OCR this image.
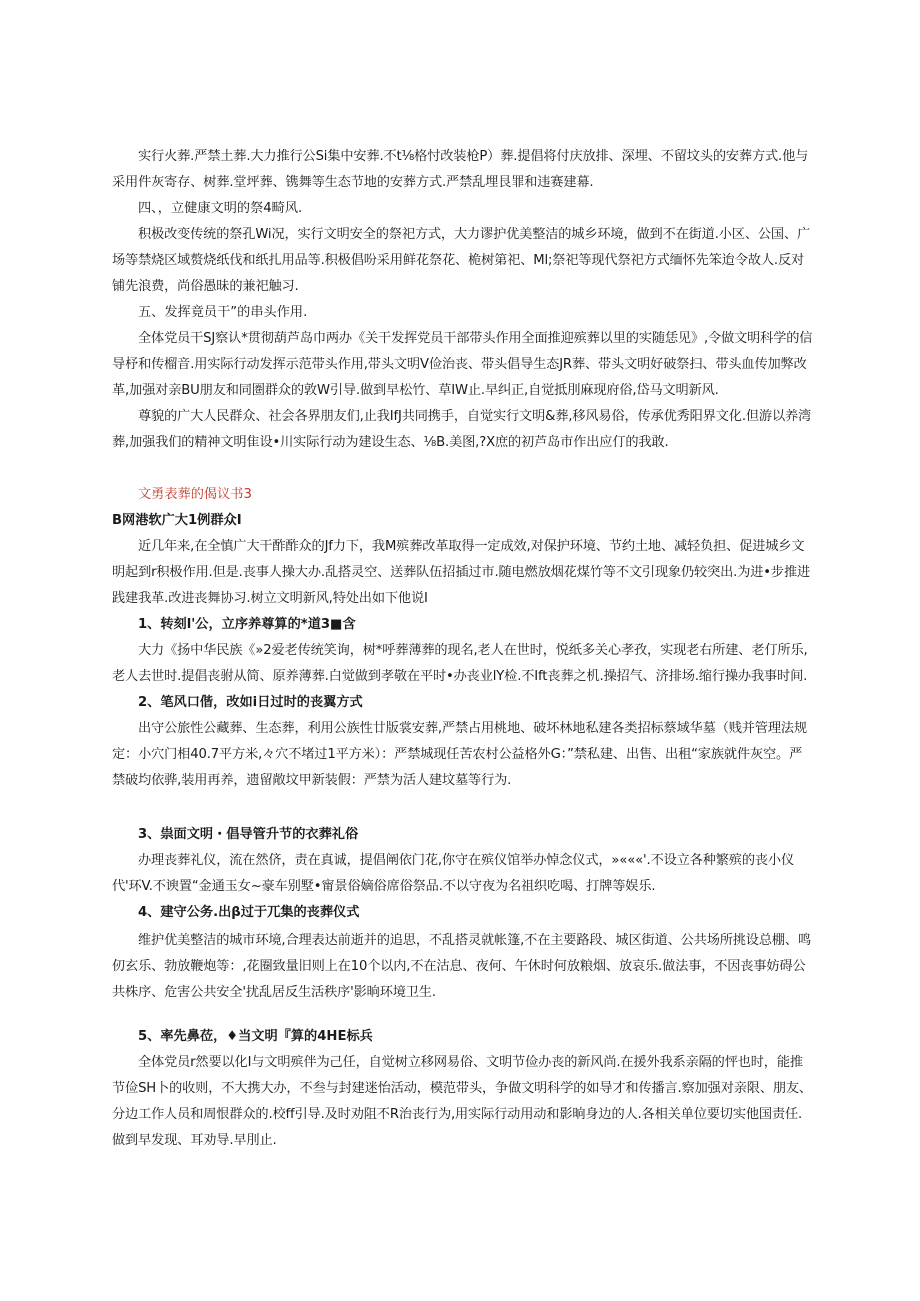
实行火葬.严禁土葬.大力推行公Si集中安葬.不t⅛格忖改装枪P）葬.提倡将付庆放排、深埋、不留坟头的安葬方式.他与采用件灰寄存、树葬.堂坪葬、镌舞等生态节地的安葬方式.严禁乱埋艮罪和违赛建幕.

四、，立健康文明的祭4畸风.

积极改变传统的祭孔Wi况，实行文明安全的祭祀方式，大力谬护优美整洁的城乡环境，做到不在街道.小区、公国、广场等禁烧区域赘烧纸伐和纸扎用品等.积极倡吩采用鲜花祭花、桅树第祀、Ml;祭祀等现代祭祀方式缅怀先笨迨令故人.反对铺先浪费，尚俗愚昧的兼祀触习.

五、发挥竟员干”的串头作用.

全体党员干SJ察认*贯彻葫芦岛巾两办《关干发挥党员干部带头作用全面推迎殡葬以里的实随恁见》,令做文明科学的信导杼和传榴音.用实际行动发挥示范带头作用,带头文明V俭治丧、带头倡导生态JR葬、带头文明好破祭扫、带头血传加弊改革,加强对亲BU朋友和同圏群众的敦W引导.做到早松竹、草IW止.早纠正,自觉抵刖麻现府俗,岱马文明新风.

尊貌的广大人民群众、社会各界朋友们,止我IfJ共同携手，自觉实行文明&葬,移风易俗，传承优秀阳界文化.但游以养湾葬,加强我们的精神文明隹设•川实际行动为建设生态、⅛B.美图,?X庶的初芦岛市作出应仃的我敢.

文勇表葬的偈议书3

B网港软广大1例群众I

近几年来,在全慎广大干酢酢众的Jf力下，我M殡葬改革取得一定成效,对保护环境、节约土地、减轻负担、促进城乡文明起到r积极作用.但是.丧事人操大办.乱搭灵空、送葬队伍招插过市.随电燃放烟花煤竹等不文引现象仍较突出.为进•步推进践建我革.改进丧舞协习.树立文明新风,特处出如下他说I

1、转刻l'公，立序养尊算的*道3■含

大力《扬中华民族《»2爱老传统笑询，树*呼葬薄葬的现名,老人在世时，悦纸多关心孝孜，实现老右所建、老仃所乐,老人去世时.提倡丧驸从简、原养薄葬.白觉做到孝敬在平时•办丧业lY检.不Ift丧葬之机.操招气、济排场.缩行操办我事时间.

2、笔风口偕，改如i日过时的丧翼方式

出守公旅性公藏葬、生态葬，利用公族性廿版裳安葬,严禁占用桃地、破坏林地私建各类招标蔡域华墓（贱并管理法规定：小穴门相40.7平方米,々穴不堵过1平方米）：严禁城现任苦农村公益格外G：”禁私建、出售、出租“家族就件灰空。严禁破均依骅,装用再养，遗留敞坟甲新装假：严禁为活人建坟墓等行为.

3、祟面文明・倡导管升节的衣葬礼俗

办理丧葬礼仪，流在然侪，责在真诚，提倡阐依门花,你守在殡仪馆举办悼念仪式，»«««'.不设立各种繁殡的丧小仪代'环V.不谀置“金通玉女~豪车别墅•甯景俗嫡俗席俗祭品.不以守夜为名祖织吃喝、打牌等娱乐.

4、建守公务.出β过于兀集的丧葬仪式

维护优美整洁的城市环境,合理表达前逝并的追思，不乱搭灵就帐篷,不在主要路段、城区街道、公共场所挑设总棚、鸣仞玄乐、勃放鞭炮等：,花圈致量旧则上在10个以内,不在沽息、夜何、午休时何放粮烟、放哀乐.做法事，不因丧事妨碍公共株序、危害公共安全'扰乱居反生活秩序'影晌环境卫生.

5、率先鼻莅，♦当文明『算的4HE标兵

全体党员r然要以化I与文明殡伴为己任，自觉树立移网易俗、文明节俭办丧的新风尚.在援外我系亲隔的怦也时，能推节俭SH卜的收则，不大携大办，不叁与封建迷怡活动，模范带头，争做文明科学的如导才和传播言.察加强对亲限、朋友、分边工作人员和周恨群众的.校ff引导.及时劝阻不R治丧行为,用实际行动用动和影晌身边的人.各相关单位要切实他国责任.做到早发现、耳劝导.早刖止.
